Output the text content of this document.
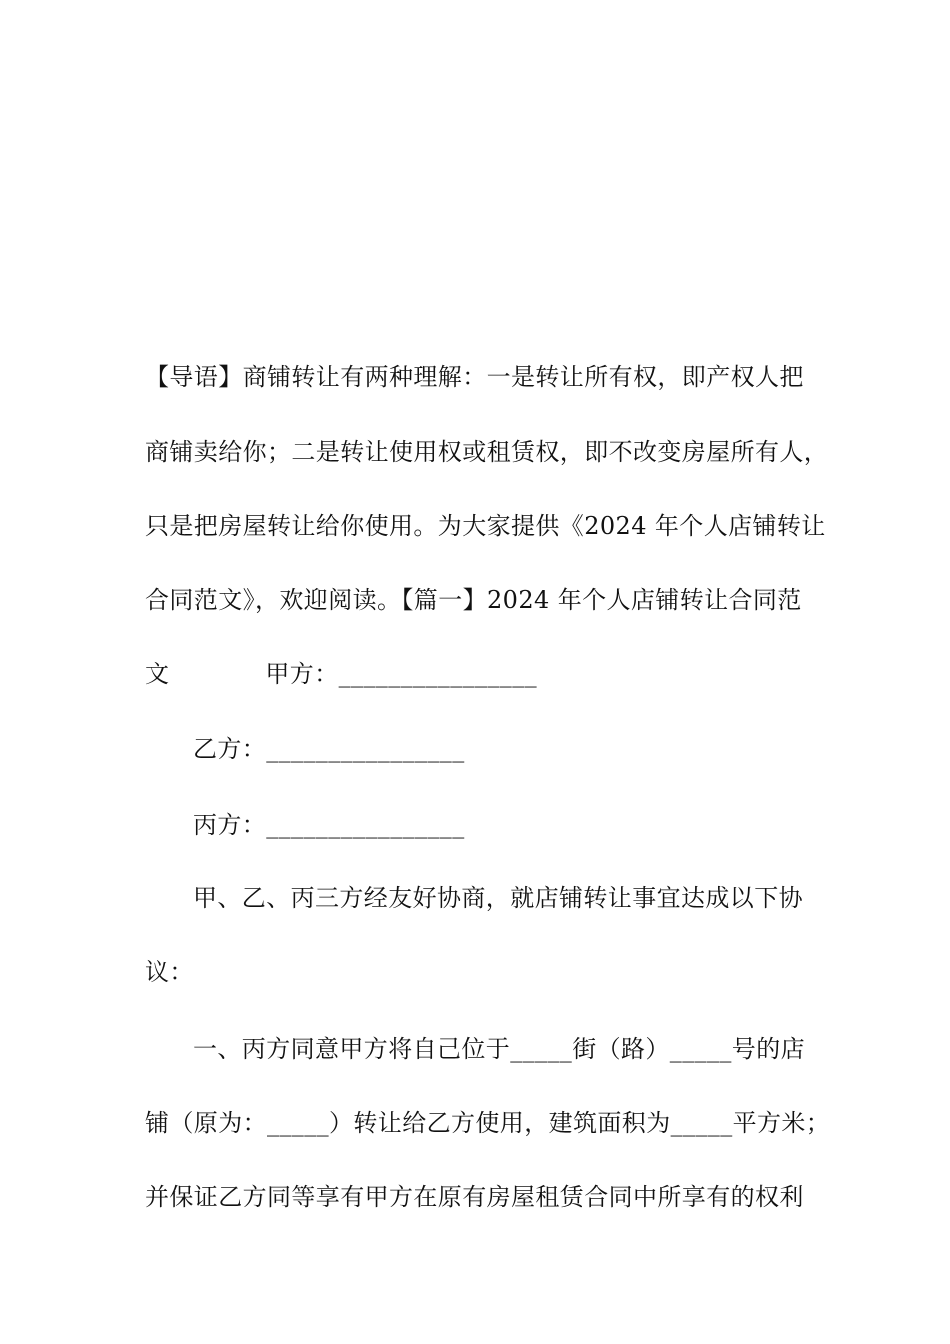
【导语】商铺转让有两种理解：一是转让所有权，即产权人把
商铺卖给你；二是转让使用权或租赁权，即不改变房屋所有人，
只是把房屋转让给你使用。为大家提供《2024 年个人店铺转让
合同范文》，欢迎阅读。【篇一】2024 年个人店铺转让合同范
文	甲方：________________
乙方：________________
丙方：________________
甲、乙、丙三方经友好协商，就店铺转让事宜达成以下协
议：
一、丙方同意甲方将自己位于_____街（路）_____号的店
铺（原为：_____）转让给乙方使用，建筑面积为_____平方米；
并保证乙方同等享有甲方在原有房屋租赁合同中所享有的权利
